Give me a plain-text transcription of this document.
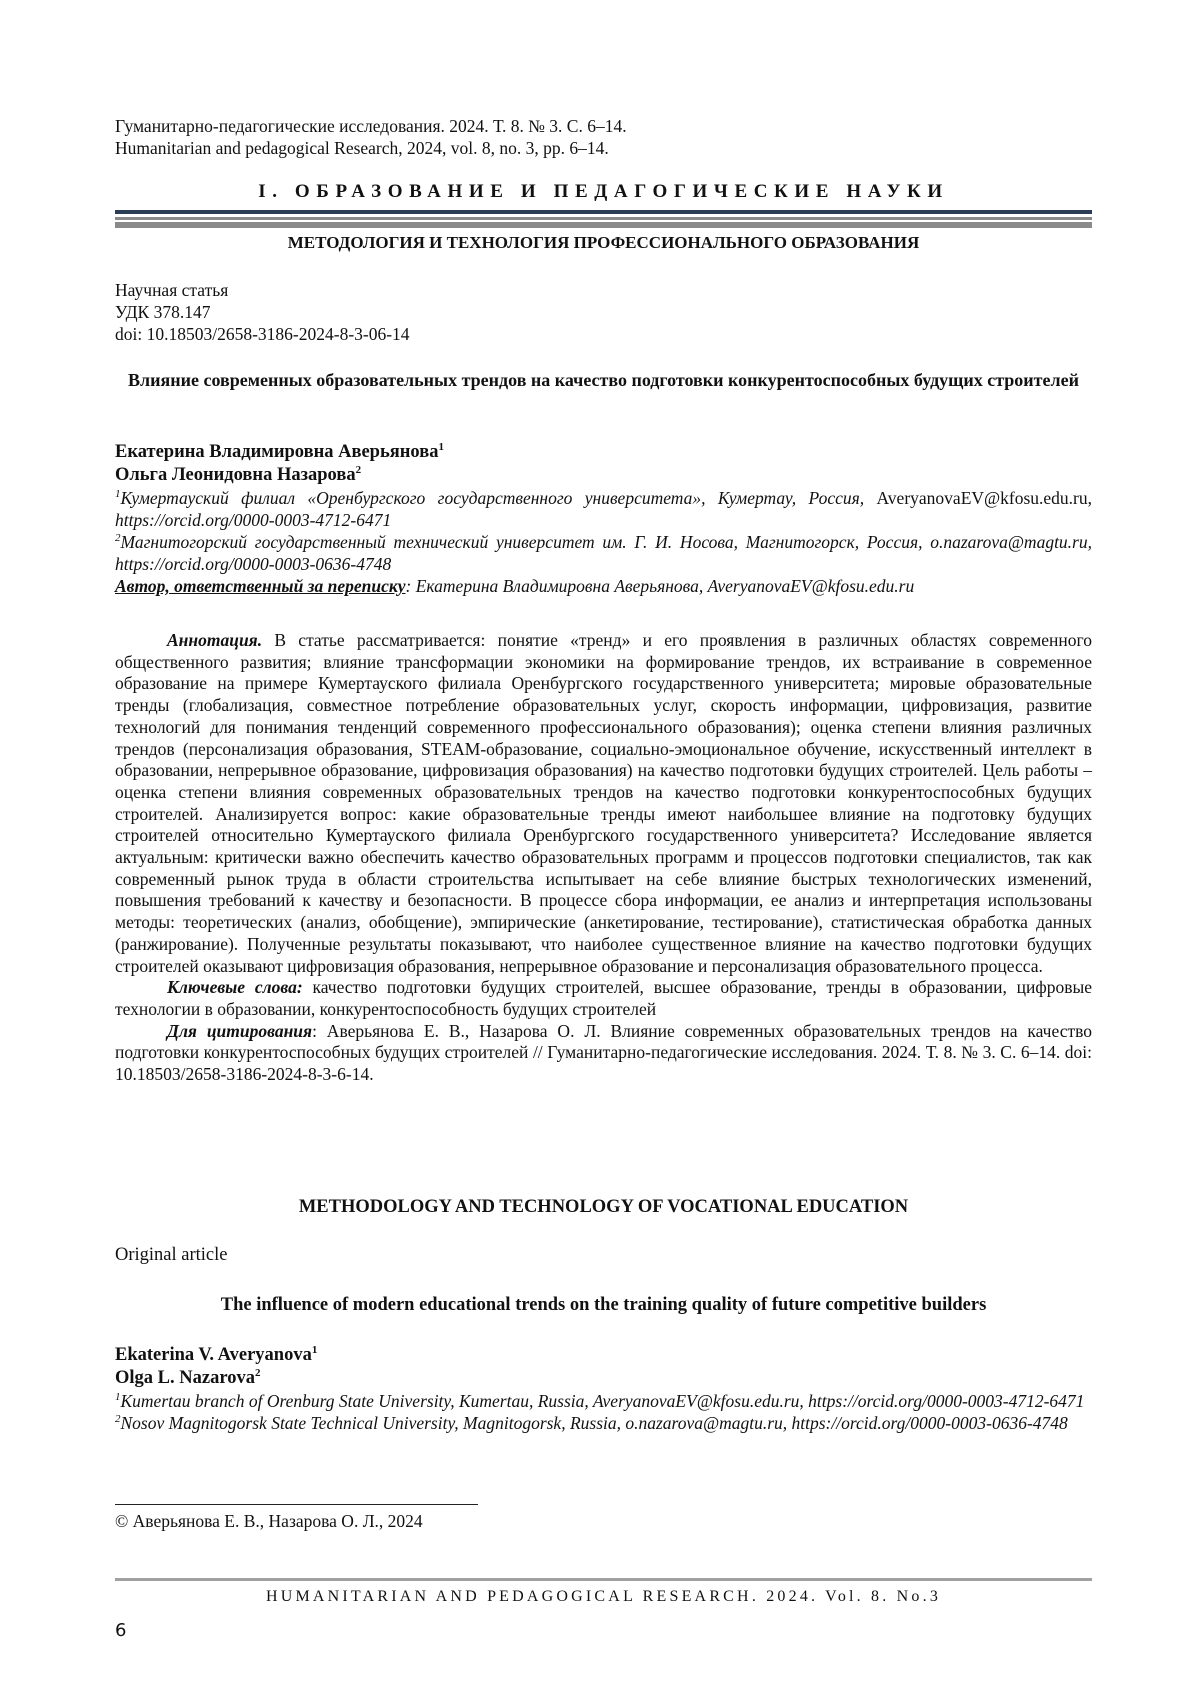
Гуманитарно-педагогические исследования. 2024. Т. 8. № 3. С. 6–14.
Humanitarian and pedagogical Research, 2024, vol. 8, no. 3, pp. 6–14.
I. ОБРАЗОВАНИЕ И ПЕДАГОГИЧЕСКИЕ НАУКИ
МЕТОДОЛОГИЯ И ТЕХНОЛОГИЯ ПРОФЕССИОНАЛЬНОГО ОБРАЗОВАНИЯ
Научная статья
УДК 378.147
doi: 10.18503/2658-3186-2024-8-3-06-14
Влияние современных образовательных трендов на качество подготовки конкурентоспособных будущих строителей
Екатерина Владимировна Аверьянова$^1$
Ольга Леонидовна Назарова$^2$
$^1$Кумертауский филиал «Оренбургского государственного университета», Кумертау, Россия, AveryanovaEV@kfosu.edu.ru, https://orcid.org/0000-0003-4712-6471
$^2$Магнитогорский государственный технический университет им. Г. И. Носова, Магнитогорск, Россия, o.nazarova@magtu.ru, https://orcid.org/0000-0003-0636-4748
Автор, ответственный за переписку: Екатерина Владимировна Аверьянова, AveryanovaEV@kfosu.edu.ru

Аннотация. В статье рассматривается: понятие «тренд» и его проявления в различных областях современного общественного развития; влияние трансформации экономики на формирование трендов, их встраивание в современное образование на примере Кумертауского филиала Оренбургского государственного университета; мировые образовательные тренды (глобализация, совместное потребление образовательных услуг, скорость информации, цифровизация, развитие технологий для понимания тенденций современного профессионального образования); оценка степени влияния различных трендов (персонализация образования, STEAM-образование, социально-эмоциональное обучение, искусственный интеллект в образовании, непрерывное образование, цифровизация образования) на качество подготовки будущих строителей. Цель работы – оценка степени влияния современных образовательных трендов на качество подготовки конкурентоспособных будущих строителей. Анализируется вопрос: какие образовательные тренды имеют наибольшее влияние на подготовку будущих строителей относительно Кумертауского филиала Оренбургского государственного университета? Исследование является актуальным: критически важно обеспечить качество образовательных программ и процессов подготовки специалистов, так как современный рынок труда в области строительства испытывает на себе влияние быстрых технологических изменений, повышения требований к качеству и безопасности. В процессе сбора информации, ее анализ и интерпретация использованы методы: теоретических (анализ, обобщение), эмпирические (анкетирование, тестирование), статистическая обработка данных (ранжирование). Полученные результаты показывают, что наиболее существенное влияние на качество подготовки будущих строителей оказывают цифровизация образования, непрерывное образование и персонализация образовательного процесса.

Ключевые слова: качество подготовки будущих строителей, высшее образование, тренды в образовании, цифровые технологии в образовании, конкурентоспособность будущих строителей

Для цитирования: Аверьянова Е. В., Назарова О. Л. Влияние современных образовательных трендов на качество подготовки конкурентоспособных будущих строителей // Гуманитарно-педагогические исследования. 2024. Т. 8. № 3. С. 6–14. doi: 10.18503/2658-3186-2024-8-3-6-14.

METHODOLOGY AND TECHNOLOGY OF VOCATIONAL EDUCATION
Original article
The influence of modern educational trends on the training quality of future competitive builders
Ekaterina V. Averyanova$^1$
Olga L. Nazarova$^2$
$^1$Kumertau branch of Orenburg State University, Kumertau, Russia, AveryanovaEV@kfosu.edu.ru, https://orcid.org/0000-0003-4712-6471
$^2$Nosov Magnitogorsk State Technical University, Magnitogorsk, Russia, o.nazarova@magtu.ru, https://orcid.org/0000-0003-0636-4748
© Аверьянова Е. В., Назарова О. Л., 2024
HUMANITARIAN AND PEDAGOGICAL RESEARCH. 2024. Vol. 8. No.3
6
